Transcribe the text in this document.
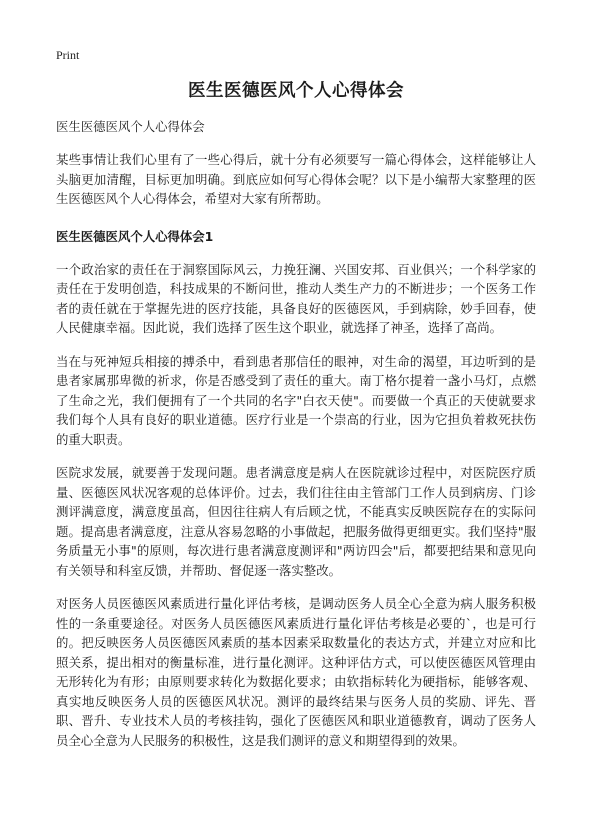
Print
医生医德医风个人心得体会
医生医德医风个人心得体会

某些事情让我们心里有了一些心得后，就十分有必须要写一篇心得体会，这样能够让人头脑更加清醒，目标更加明确。到底应如何写心得体会呢？以下是小编帮大家整理的医生医德医风个人心得体会，希望对大家有所帮助。

医生医德医风个人心得体会1

一个政治家的责任在于洞察国际风云，力挽狂澜、兴国安邦、百业俱兴；一个科学家的责任在于发明创造，科技成果的不断问世，推动人类生产力的不断进步；一个医务工作者的责任就在于掌握先进的医疗技能，具备良好的医德医风，手到病除，妙手回春，使人民健康幸福。因此说，我们选择了医生这个职业，就选择了神圣，选择了高尚。

当在与死神短兵相接的搏杀中，看到患者那信任的眼神，对生命的渴望，耳边听到的是患者家属那卑微的祈求，你是否感受到了责任的重大。南丁格尔提着一盏小马灯，点燃了生命之光，我们便拥有了一个共同的名字"白衣天使"。而要做一个真正的天使就要求我们每个人具有良好的职业道德。医疗行业是一个崇高的行业，因为它担负着救死扶伤的重大职责。

医院求发展，就要善于发现问题。患者满意度是病人在医院就诊过程中，对医院医疗质量、医德医风状况客观的总体评价。过去，我们往往由主管部门工作人员到病房、门诊测评满意度，满意度虽高，但因往往病人有后顾之忧，不能真实反映医院存在的实际问题。提高患者满意度，注意从容易忽略的小事做起，把服务做得更细更实。我们坚持"服务质量无小事"的原则，每次进行患者满意度测评和"两访四会"后，都要把结果和意见向有关领导和科室反馈，并帮助、督促逐一落实整改。

对医务人员医德医风素质进行量化评估考核，是调动医务人员全心全意为病人服务积极性的一条重要途径。对医务人员医德医风素质进行量化评估考核是必要的`，也是可行的。把反映医务人员医德医风素质的基本因素采取数量化的表达方式，并建立对应和比照关系，提出相对的衡量标准，进行量化测评。这种评估方式，可以使医德医风管理由无形转化为有形；由原则要求转化为数据化要求；由软指标转化为硬指标，能够客观、真实地反映医务人员的医德医风状况。测评的最终结果与医务人员的奖励、评先、晋职、晋升、专业技术人员的考核挂钩，强化了医德医风和职业道德教育，调动了医务人员全心全意为人民服务的积极性，这是我们测评的意义和期望得到的效果。
